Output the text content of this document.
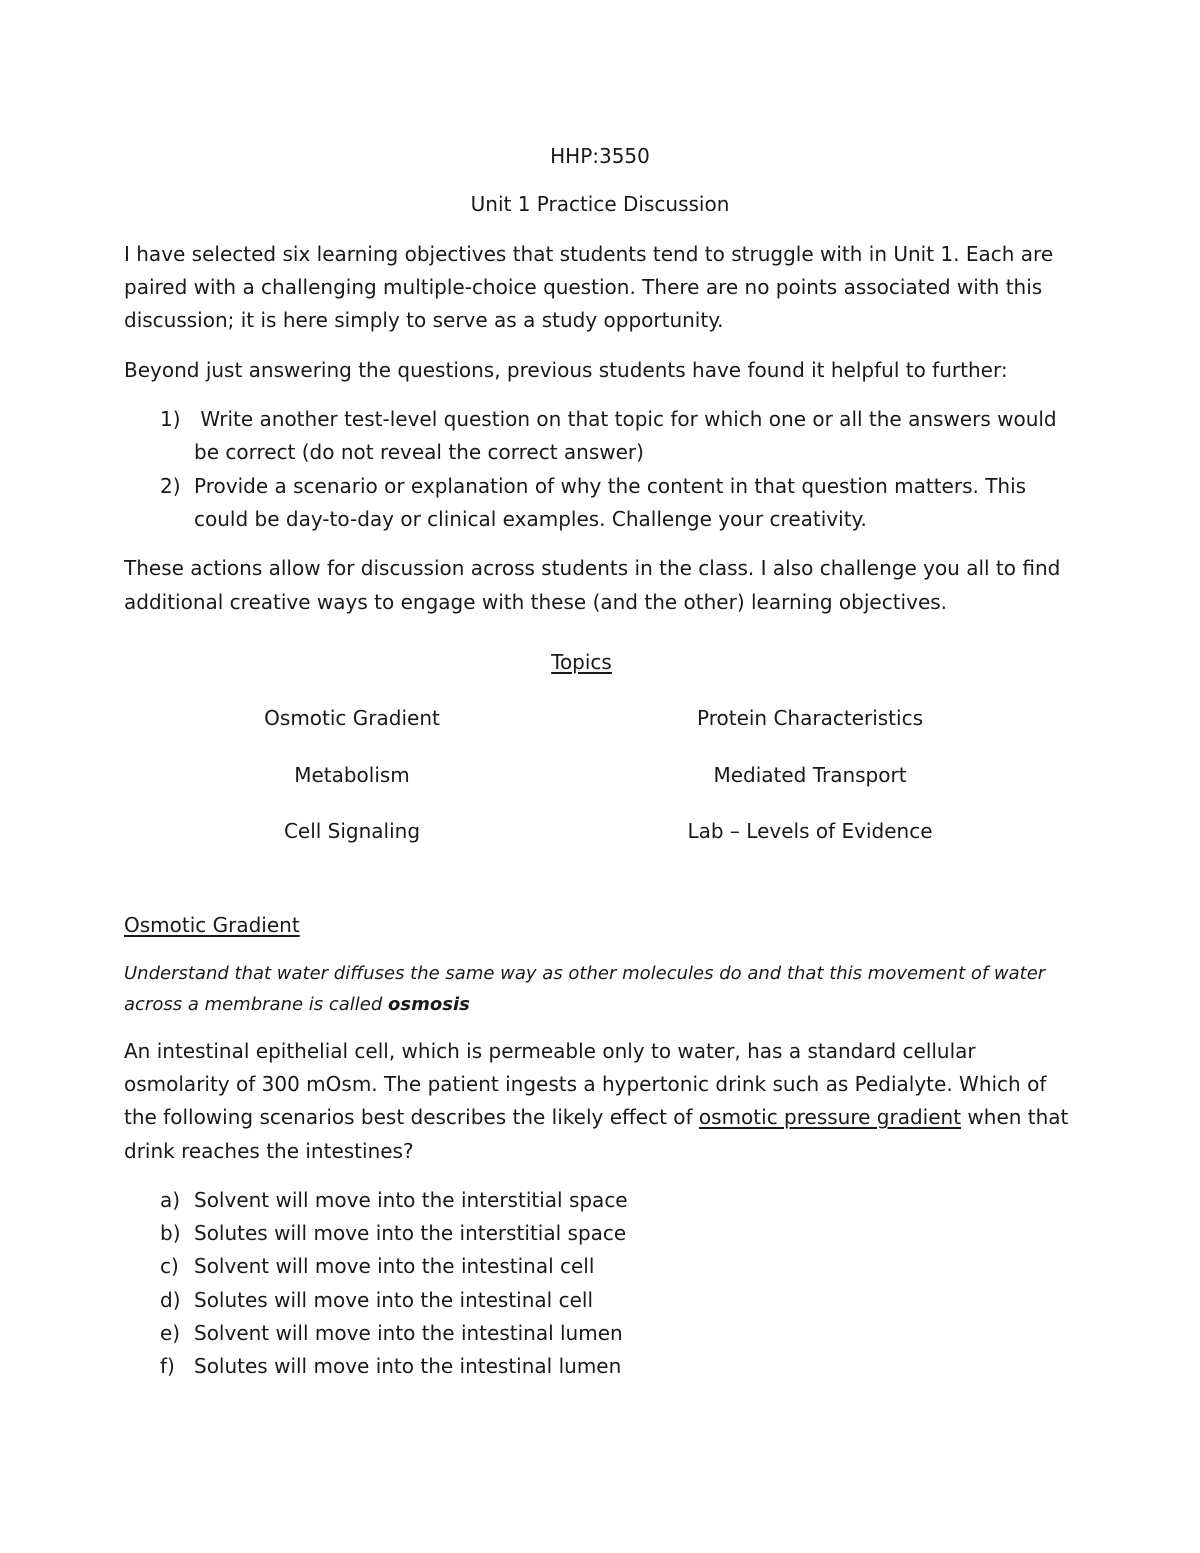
HHP:3550
Unit 1 Practice Discussion
I have selected six learning objectives that students tend to struggle with in Unit 1. Each are
paired with a challenging multiple-choice question. There are no points associated with this
discussion; it is here simply to serve as a study opportunity.
Beyond just answering the questions, previous students have found it helpful to further:
1) Write another test-level question on that topic for which one or all the answers would
be correct (do not reveal the correct answer)
2) Provide a scenario or explanation of why the content in that question matters. This
could be day-to-day or clinical examples. Challenge your creativity.
These actions allow for discussion across students in the class. I also challenge you all to find
additional creative ways to engage with these (and the other) learning objectives.
Topics
Osmotic Gradient
Metabolism
Cell Signaling
Protein Characteristics
Mediated Transport
Lab – Levels of Evidence
Osmotic Gradient
Understand that water diffuses the same way as other molecules do and that this movement of water
across a membrane is called osmosis
An intestinal epithelial cell, which is permeable only to water, has a standard cellular
osmolarity of 300 mOsm. The patient ingests a hypertonic drink such as Pedialyte. Which of
the following scenarios best describes the likely effect of osmotic pressure gradient when that
drink reaches the intestines?
a) Solvent will move into the interstitial space
b) Solutes will move into the interstitial space
c) Solvent will move into the intestinal cell
d) Solutes will move into the intestinal cell
e) Solvent will move into the intestinal lumen
f) Solutes will move into the intestinal lumen
